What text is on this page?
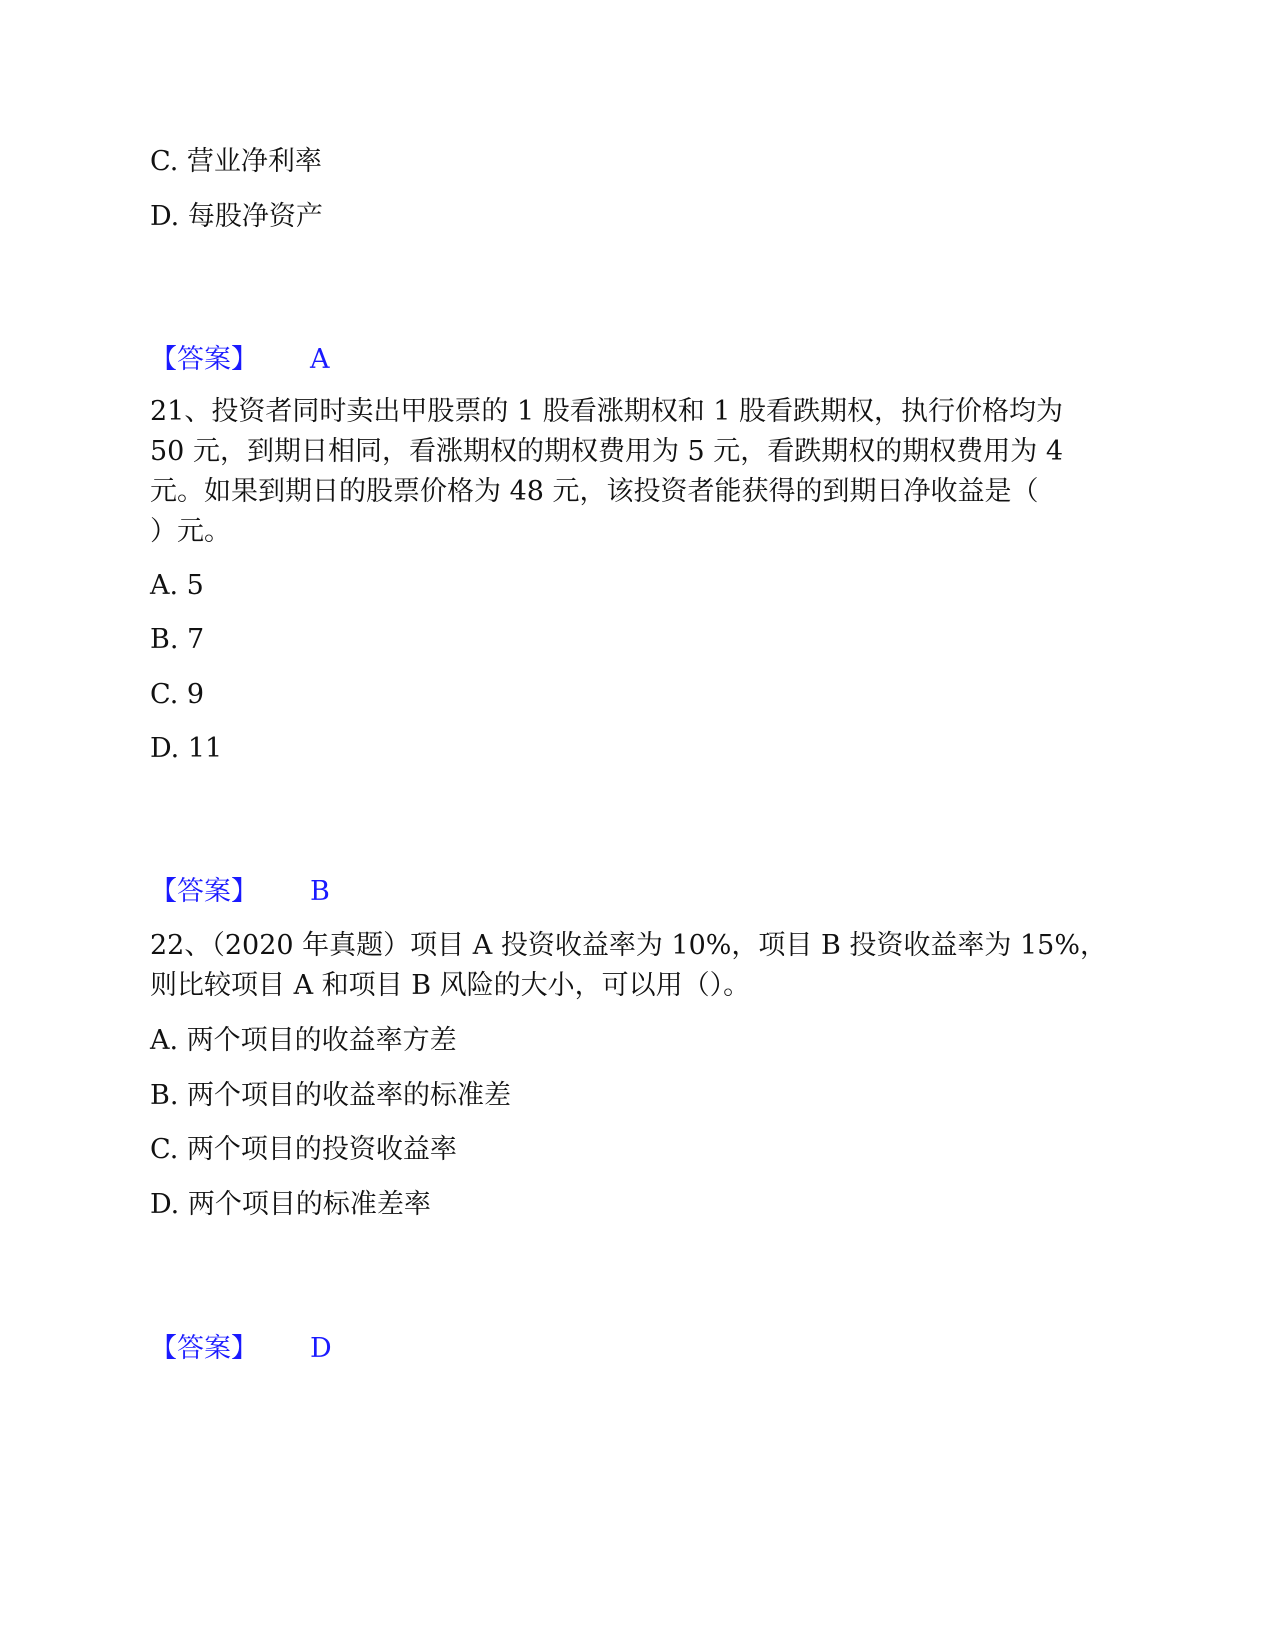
C. 营业净利率
D. 每股净资产
【答案】 A
21、投资者同时卖出甲股票的 1 股看涨期权和 1 股看跌期权，执行价格均为
50 元，到期日相同，看涨期权的期权费用为 5 元，看跌期权的期权费用为 4
元。如果到期日的股票价格为 48 元，该投资者能获得的到期日净收益是（
）元。
A. 5
B. 7
C. 9
D. 11
【答案】 B
22、（2020 年真题）项目 A 投资收益率为 10%，项目 B 投资收益率为 15%，
则比较项目 A 和项目 B 风险的大小，可以用（）。
A. 两个项目的收益率方差
B. 两个项目的收益率的标准差
C. 两个项目的投资收益率
D. 两个项目的标准差率
【答案】 D
